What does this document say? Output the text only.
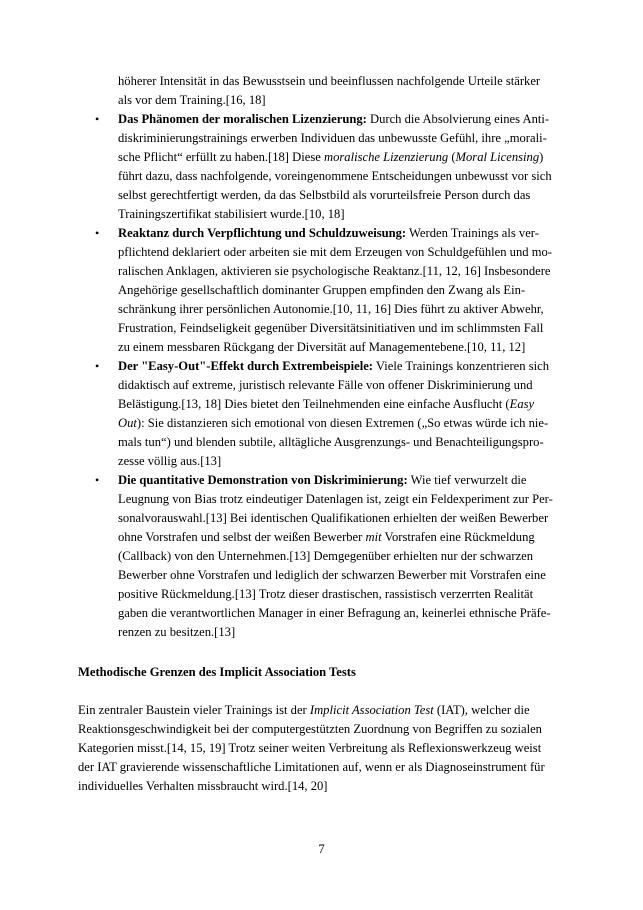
höherer Intensität in das Bewusstsein und beeinflussen nachfolgende Urteile stärker
als vor dem Training.[16, 18]
• Das Phänomen der moralischen Lizenzierung: Durch die Absolvierung eines Anti-
diskriminierungstrainings erwerben Individuen das unbewusste Gefühl, ihre „morali-
sche Pflicht“ erfüllt zu haben.[18] Diese moralische Lizenzierung (Moral Licensing)
führt dazu, dass nachfolgende, voreingenommene Entscheidungen unbewusst vor sich
selbst gerechtfertigt werden, da das Selbstbild als vorurteilsfreie Person durch das
Trainingszertifikat stabilisiert wurde.[10, 18]
• Reaktanz durch Verpflichtung und Schuldzuweisung: Werden Trainings als ver-
pflichtend deklariert oder arbeiten sie mit dem Erzeugen von Schuldgefühlen und mo-
ralischen Anklagen, aktivieren sie psychologische Reaktanz.[11, 12, 16] Insbesondere
Angehörige gesellschaftlich dominanter Gruppen empfinden den Zwang als Ein-
schränkung ihrer persönlichen Autonomie.[10, 11, 16] Dies führt zu aktiver Abwehr,
Frustration, Feindseligkeit gegenüber Diversitätsinitiativen und im schlimmsten Fall
zu einem messbaren Rückgang der Diversität auf Managementebene.[10, 11, 12]
• Der "Easy-Out"-Effekt durch Extrembeispiele: Viele Trainings konzentrieren sich
didaktisch auf extreme, juristisch relevante Fälle von offener Diskriminierung und
Belästigung.[13, 18] Dies bietet den Teilnehmenden eine einfache Ausflucht (Easy
Out): Sie distanzieren sich emotional von diesen Extremen („So etwas würde ich nie-
mals tun“) und blenden subtile, alltägliche Ausgrenzungs- und Benachteiligungspro-
zesse völlig aus.[13]
• Die quantitative Demonstration von Diskriminierung: Wie tief verwurzelt die
Leugnung von Bias trotz eindeutiger Datenlagen ist, zeigt ein Feldexperiment zur Per-
sonalvorauswahl.[13] Bei identischen Qualifikationen erhielten der weißen Bewerber
ohne Vorstrafen und selbst der weißen Bewerber mit Vorstrafen eine Rückmeldung
(Callback) von den Unternehmen.[13] Demgegenüber erhielten nur der schwarzen
Bewerber ohne Vorstrafen und lediglich der schwarzen Bewerber mit Vorstrafen eine
positive Rückmeldung.[13] Trotz dieser drastischen, rassistisch verzerrten Realität
gaben die verantwortlichen Manager in einer Befragung an, keinerlei ethnische Präfe-
renzen zu besitzen.[13]
Methodische Grenzen des Implicit Association Tests

Ein zentraler Baustein vieler Trainings ist der Implicit Association Test (IAT), welcher die
Reaktionsgeschwindigkeit bei der computergestützten Zuordnung von Begriffen zu sozialen
Kategorien misst.[14, 15, 19] Trotz seiner weiten Verbreitung als Reflexionswerkzeug weist
der IAT gravierende wissenschaftliche Limitationen auf, wenn er als Diagnoseinstrument für
individuelles Verhalten missbraucht wird.[14, 20]

7
